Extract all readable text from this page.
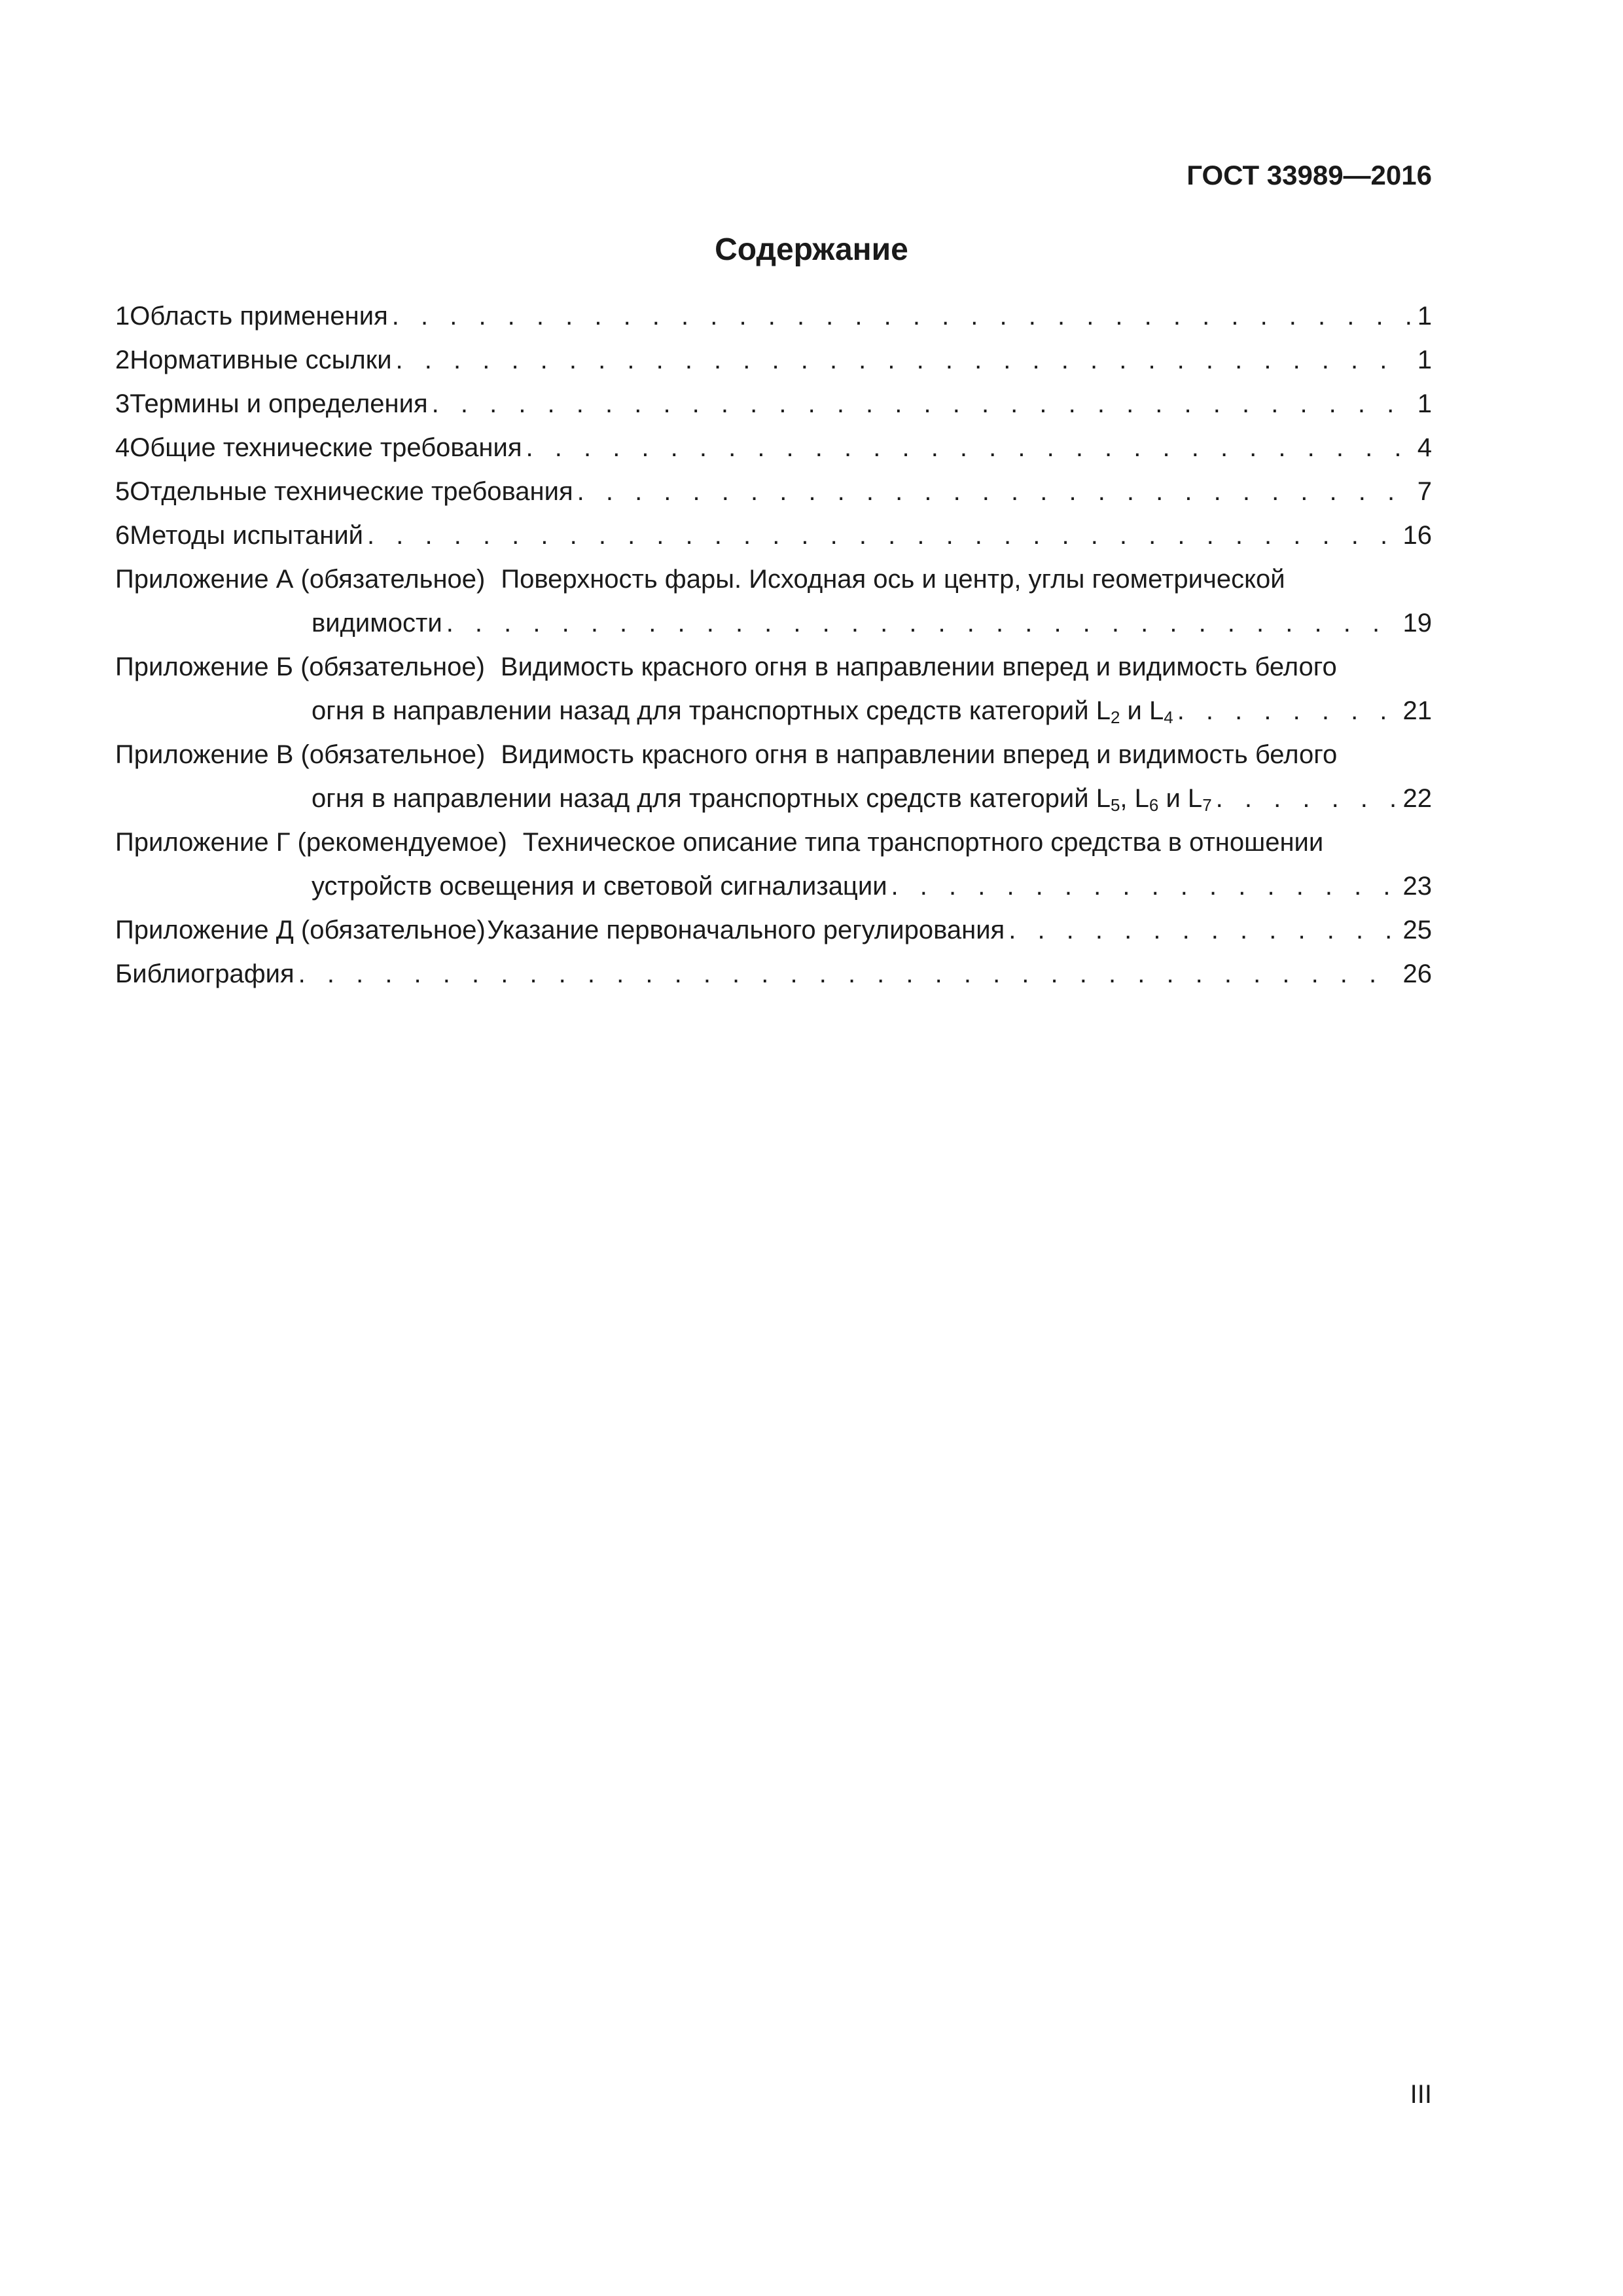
ГОСТ 33989—2016
Содержание
1 Область применения . . .	1
2 Нормативные ссылки . . .	1
3 Термины и определения . . .	1
4 Общие технические требования . . .	4
5 Отдельные технические требования . . .	7
6 Методы испытаний . . .	16
Приложение А (обязательное) Поверхность фары. Исходная ось и центр, углы геометрической
видимости . . .	19
Приложение Б (обязательное) Видимость красного огня в направлении вперед и видимость белого
огня в направлении назад для транспортных средств категорий $L_2$ и $L_4$ . . .	21
Приложение В (обязательное) Видимость красного огня в направлении вперед и видимость белого
огня в направлении назад для транспортных средств категорий $L_5$, $L_6$ и $L_7$ . . .	22
Приложение Г (рекомендуемое) Техническое описание типа транспортного средства в отношении
устройств освещения и световой сигнализации . . .	23
Приложение Д (обязательное) Указание первоначального регулирования . . .	25
Библиография . . .	26
III
